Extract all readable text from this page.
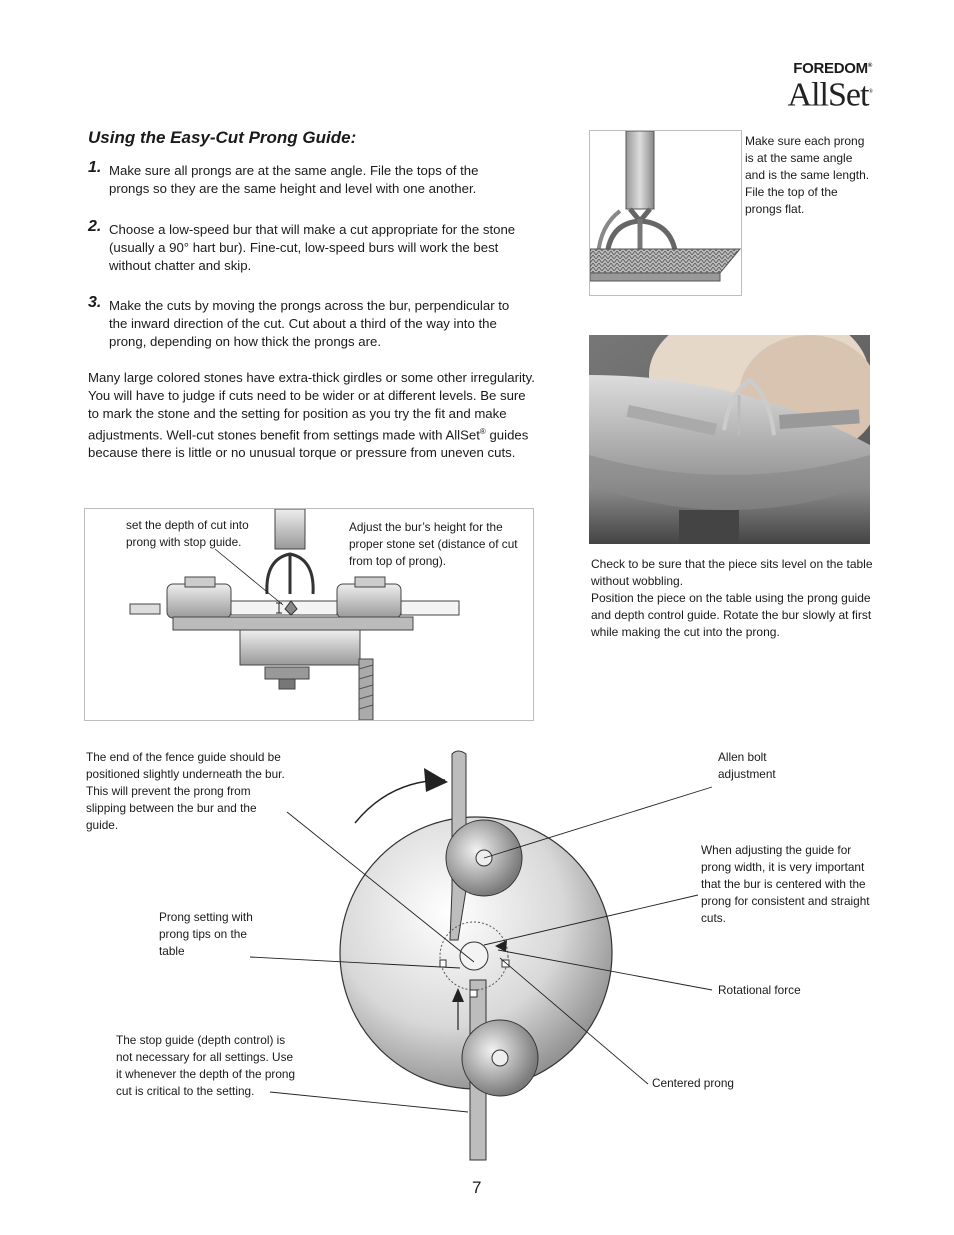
FOREDOM®
AllSet®
Using the Easy-Cut Prong Guide:
1. Make sure all prongs are at the same angle. File the tops of the prongs so they are the same height and level with one another.
2. Choose a low-speed bur that will make a cut appropriate for the stone (usually a 90° hart bur). Fine-cut, low-speed burs will work the best without chatter and skip.
3. Make the cuts by moving the prongs across the bur, perpendicular to the inward direction of the cut. Cut about a third of the way into the prong, depending on how thick the prongs are.
Many large colored stones have extra-thick girdles or some other irregularity. You will have to judge if cuts need to be wider or at different levels. Be sure to mark the stone and the setting for position as you try the fit and make adjustments. Well-cut stones benefit from settings made with AllSet® guides because there is little or no unusual torque or pressure from uneven cuts.
Make sure each prong is at the same angle and is the same length. File the top of the prongs flat.
Check to be sure that the piece sits level on the table without wobbling.
Position the piece on the table using the prong guide and depth control guide. Rotate the bur slowly at first while making the cut into the prong.
set the depth of cut into prong with stop guide.
Adjust the bur’s height for the proper stone set (distance of cut from top of prong).
The end of the fence guide should be positioned slightly underneath the bur. This will prevent the prong from slipping between the bur and the guide.
Allen bolt adjustment
When adjusting the guide for prong width, it is very important that the bur is centered with the prong for consistent and straight cuts.
Prong setting with prong tips on the table
Rotational force
The stop guide (depth control) is not necessary for all settings. Use it whenever the depth of the prong cut is critical to the setting.
Centered prong
7
